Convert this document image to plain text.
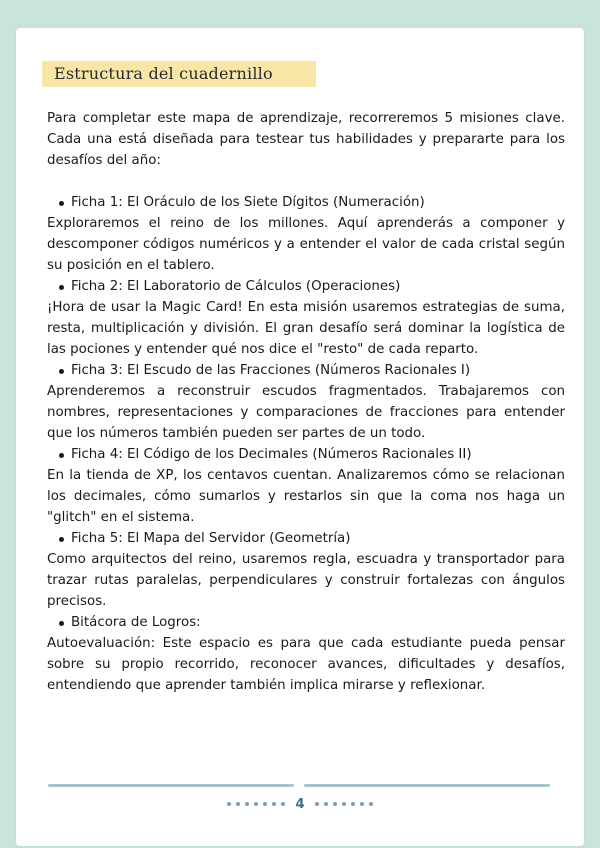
Estructura del cuadernillo

Para completar este mapa de aprendizaje, recorreremos 5 misiones clave. Cada una está diseñada para testear tus habilidades y prepararte para los desafíos del año:

Ficha 1: El Oráculo de los Siete Dígitos (Numeración)

Exploraremos el reino de los millones. Aquí aprenderás a componer y descomponer códigos numéricos y a entender el valor de cada cristal según su posición en el tablero.

Ficha 2: El Laboratorio de Cálculos (Operaciones)

¡Hora de usar la Magic Card! En esta misión usaremos estrategias de suma, resta, multiplicación y división. El gran desafío será dominar la logística de las pociones y entender qué nos dice el "resto" de cada reparto.

Ficha 3: El Escudo de las Fracciones (Números Racionales I)

Aprenderemos a reconstruir escudos fragmentados. Trabajaremos con nombres, representaciones y comparaciones de fracciones para entender que los números también pueden ser partes de un todo.

Ficha 4: El Código de los Decimales (Números Racionales II)

En la tienda de XP, los centavos cuentan. Analizaremos cómo se relacionan los decimales, cómo sumarlos y restarlos sin que la coma nos haga un "glitch" en el sistema.

Ficha 5: El Mapa del Servidor (Geometría)

Como arquitectos del reino, usaremos regla, escuadra y transportador para trazar rutas paralelas, perpendiculares y construir fortalezas con ángulos precisos.

Bitácora de Logros:

Autoevaluación: Este espacio es para que cada estudiante pueda pensar sobre su propio recorrido, reconocer avances, dificultades y desafíos, entendiendo que aprender también implica mirarse y reflexionar.

4
